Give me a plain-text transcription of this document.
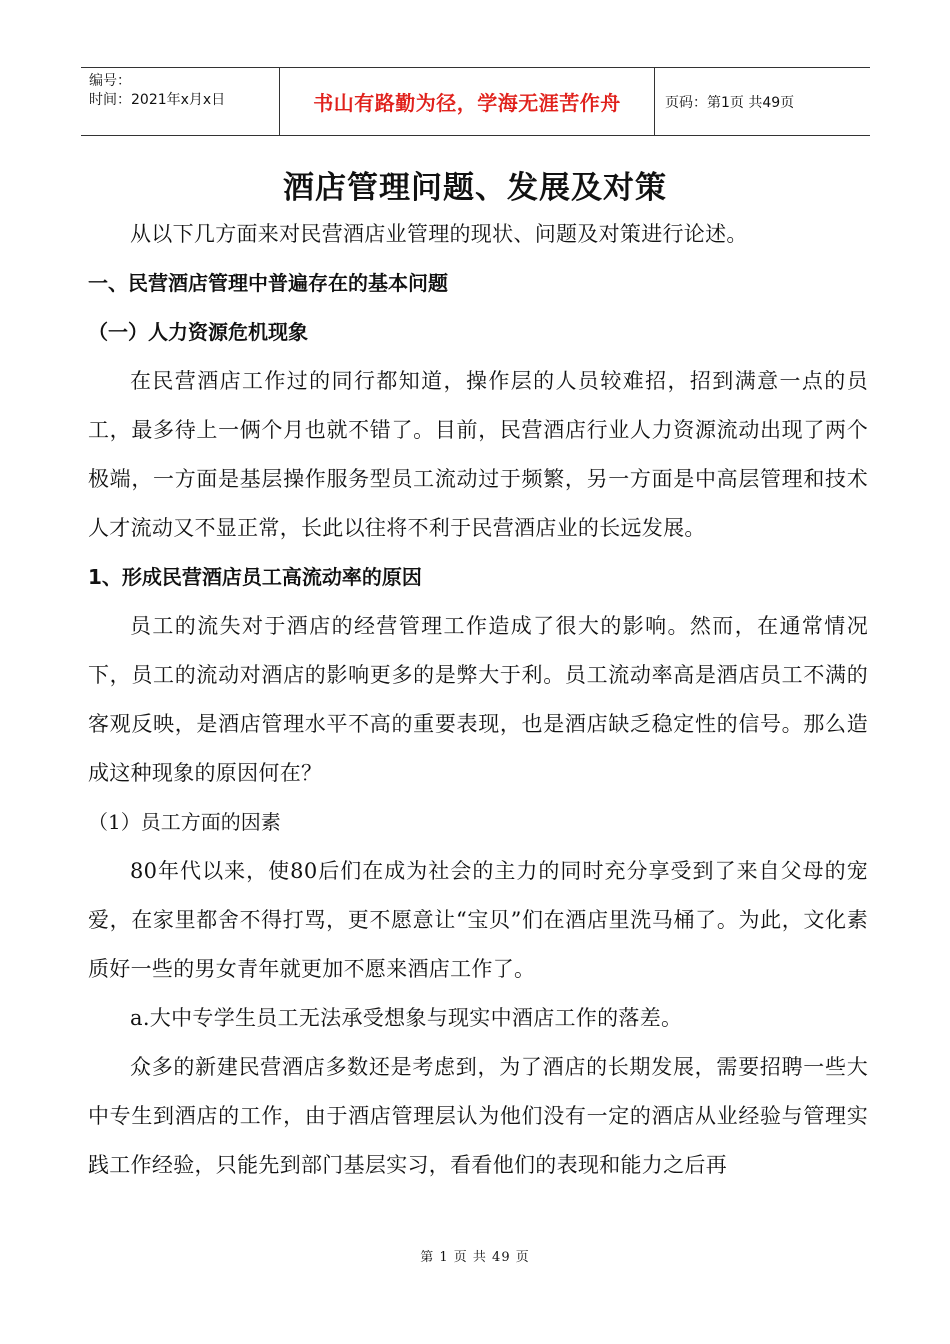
编号：
时间：2021年x月x日	书山有路勤为径，学海无涯苦作舟	页码：第1页 共49页
酒店管理问题、发展及对策

从以下几方面来对民营酒店业管理的现状、问题及对策进行论述。

一、民营酒店管理中普遍存在的基本问题

（一）人力资源危机现象

在民营酒店工作过的同行都知道，操作层的人员较难招，招到满意一点的员工，最多待上一俩个月也就不错了。目前，民营酒店行业人力资源流动出现了两个极端，一方面是基层操作服务型员工流动过于频繁，另一方面是中高层管理和技术人才流动又不显正常，长此以往将不利于民营酒店业的长远发展。

1、形成民营酒店员工高流动率的原因

员工的流失对于酒店的经营管理工作造成了很大的影响。然而，在通常情况下，员工的流动对酒店的影响更多的是弊大于利。员工流动率高是酒店员工不满的客观反映，是酒店管理水平不高的重要表现，也是酒店缺乏稳定性的信号。那么造成这种现象的原因何在？

（1）员工方面的因素

80年代以来，使80后们在成为社会的主力的同时充分享受到了来自父母的宠爱，在家里都舍不得打骂，更不愿意让“宝贝”们在酒店里洗马桶了。为此，文化素质好一些的男女青年就更加不愿来酒店工作了。

a.大中专学生员工无法承受想象与现实中酒店工作的落差。

众多的新建民营酒店多数还是考虑到，为了酒店的长期发展，需要招聘一些大中专生到酒店的工作，由于酒店管理层认为他们没有一定的酒店从业经验与管理实践工作经验，只能先到部门基层实习，看看他们的表现和能力之后再

第 1 页 共 49 页
